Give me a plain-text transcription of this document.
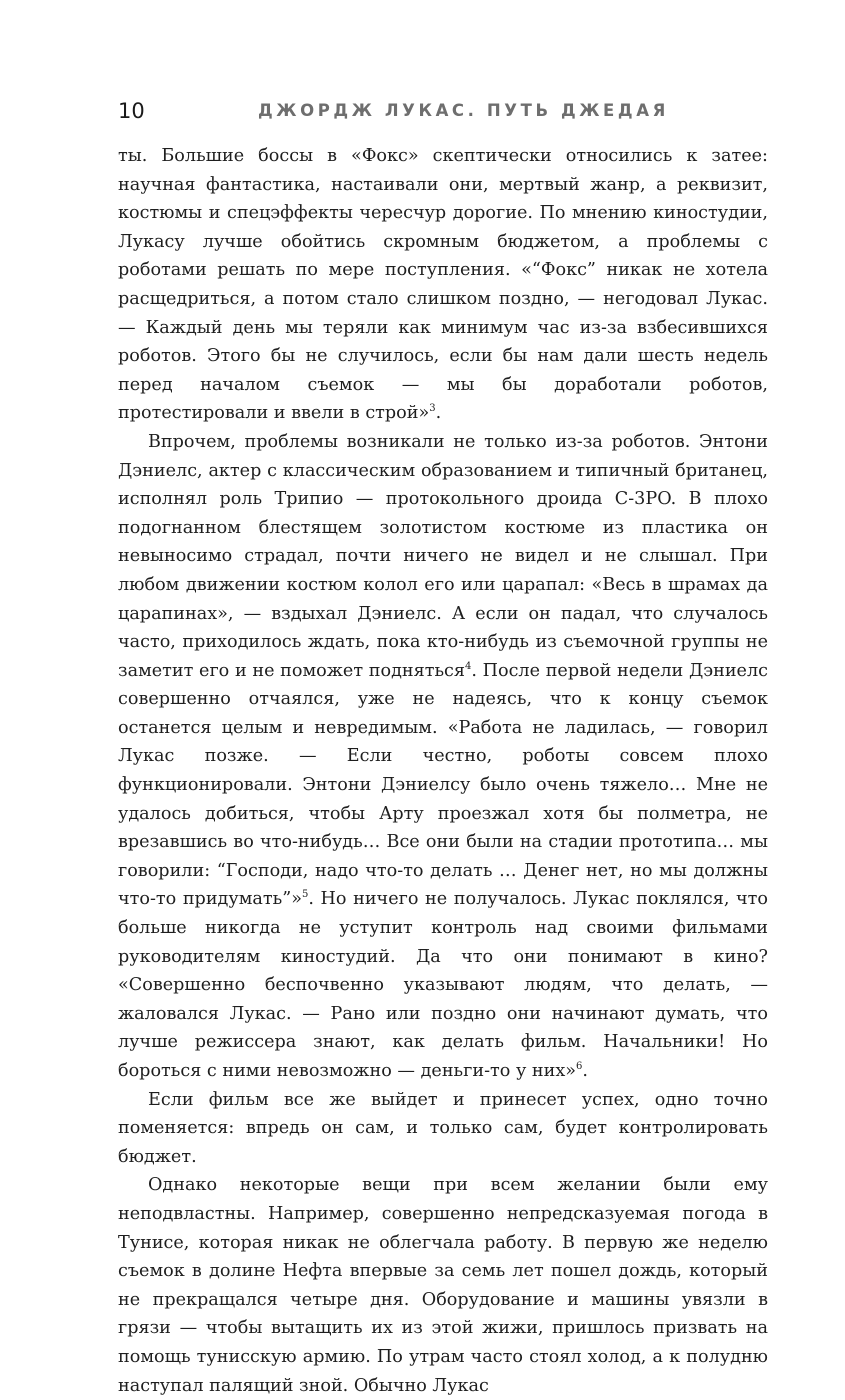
10	ДЖОРДЖ ЛУКАС. ПУТЬ ДЖЕДАЯ

ты. Большие боссы в «Фокс» скептически относились к затее: научная фантастика, настаивали они, мертвый жанр, а реквизит, костюмы и спецэффекты чересчур дорогие. По мнению киностудии, Лукасу лучше обойтись скромным бюджетом, а проблемы с роботами решать по мере поступления. «“Фокс” никак не хотела расщедриться, а потом стало слишком поздно, — негодовал Лукас. — Каждый день мы теряли как минимум час из-за взбесившихся роботов. Этого бы не случилось, если бы нам дали шесть недель перед началом съемок — мы бы доработали роботов, протестировали и ввели в строй»$^3$.

Впрочем, проблемы возникали не только из-за роботов. Энтони Дэниелс, актер с классическим образованием и типичный британец, исполнял роль Трипио — протокольного дроида C-3PO. В плохо подогнанном блестящем золотистом костюме из пластика он невыносимо страдал, почти ничего не видел и не слышал. При любом движении костюм колол его или царапал: «Весь в шрамах да царапинах», — вздыхал Дэниелс. А если он падал, что случалось часто, приходилось ждать, пока кто-нибудь из съемочной группы не заметит его и не поможет подняться$^4$. После первой недели Дэниелс совершенно отчаялся, уже не надеясь, что к концу съемок останется целым и невредимым. «Работа не ладилась, — говорил Лукас позже. — Если честно, роботы совсем плохо функционировали. Энтони Дэниелсу было очень тяжело… Мне не удалось добиться, чтобы Арту проезжал хотя бы полметра, не врезавшись во что-нибудь… Все они были на стадии прототипа… мы говорили: “Господи, надо что-то делать … Денег нет, но мы должны что-то придумать”»$^5$. Но ничего не получалось. Лукас поклялся, что больше никогда не уступит контроль над своими фильмами руководителям киностудий. Да что они понимают в кино? «Совершенно беспочвенно указывают людям, что делать, — жаловался Лукас. — Рано или поздно они начинают думать, что лучше режиссера знают, как делать фильм. Начальники! Но бороться с ними невозможно — деньги-то у них»$^6$.

Если фильм все же выйдет и принесет успех, одно точно поменяется: впредь он сам, и только сам, будет контролировать бюджет.

Однако некоторые вещи при всем желании были ему неподвластны. Например, совершенно непредсказуемая погода в Тунисе, которая никак не облегчала работу. В первую же неделю съемок в долине Нефта впервые за семь лет пошел дождь, который не прекращался четыре дня. Оборудование и машины увязли в грязи — чтобы вытащить их из этой жижи, пришлось призвать на помощь тунисскую армию. По утрам часто стоял холод, а к полудню наступал палящий зной. Обычно Лукас
